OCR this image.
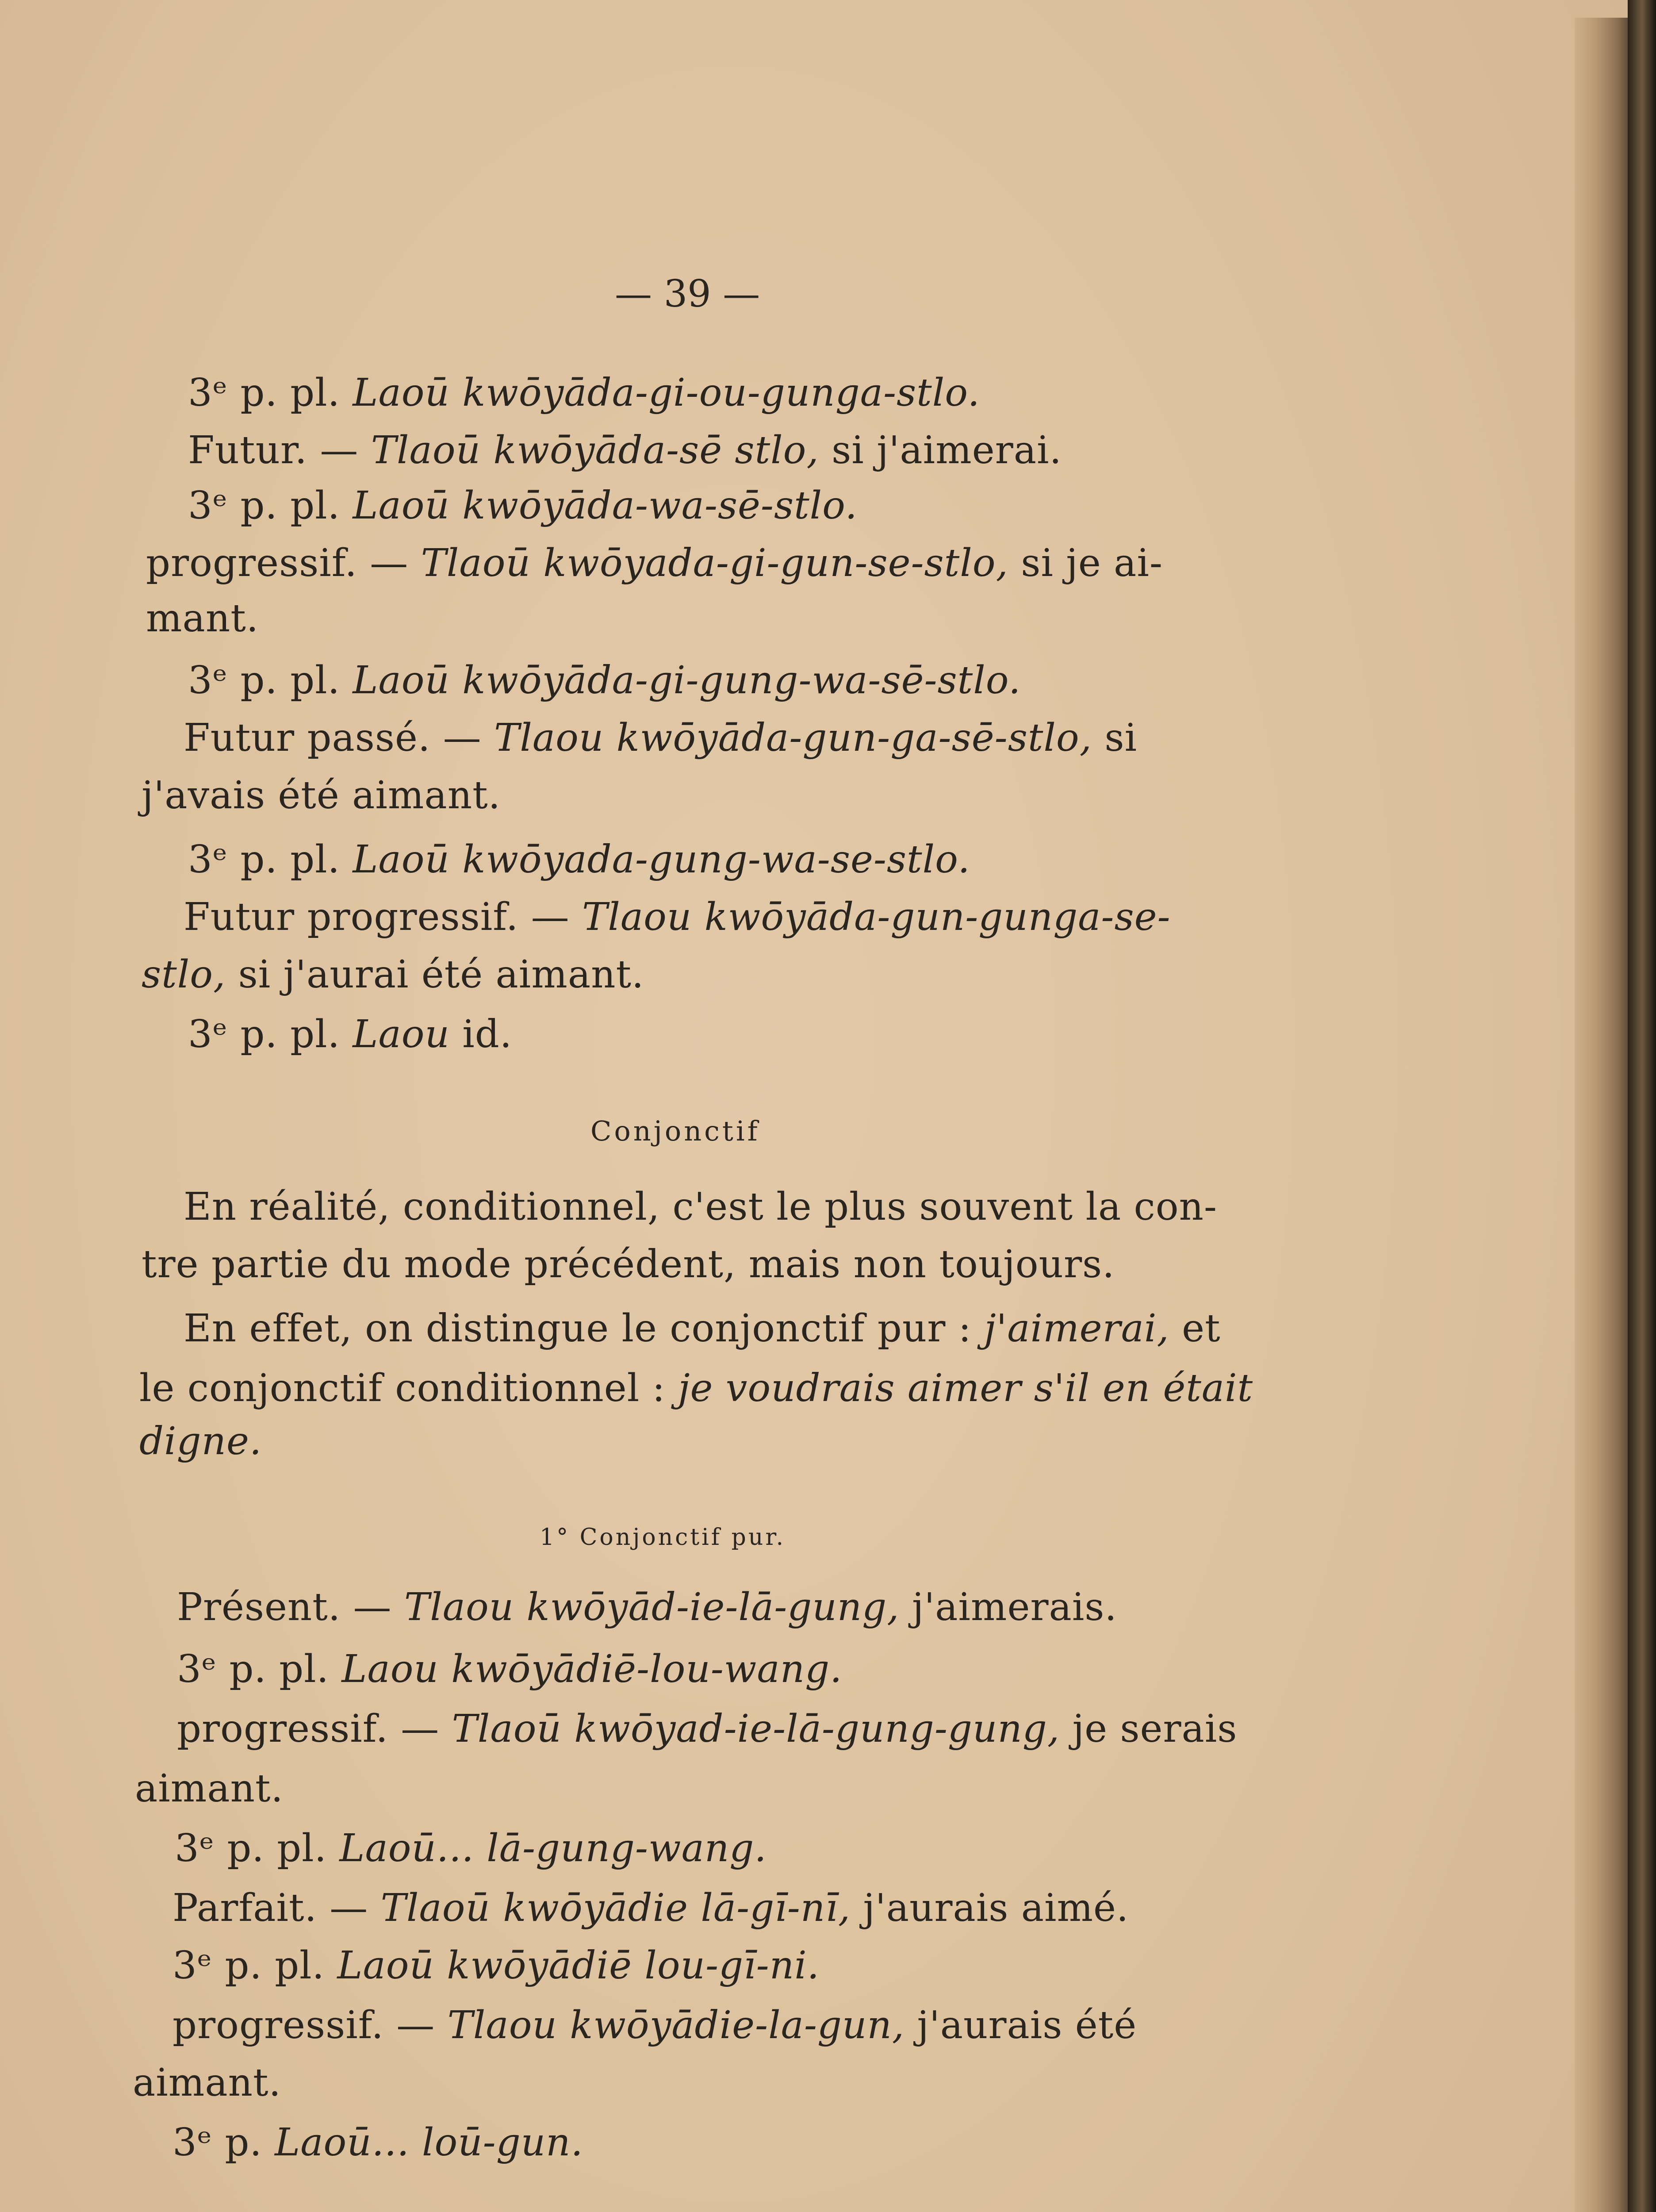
— 39 —
3ᵉ p. pl. Laoū kwōyāda-gi-ou-gunga-stlo.
Futur. — Tlaoū kwōyāda-sē stlo, si j'aimerai.
3ᵉ p. pl. Laoū kwōyāda-wa-sē-stlo.
progressif. — Tlaoū kwōyada-gi-gun-se-stlo, si je ai-
mant.
3ᵉ p. pl. Laoū kwōyāda-gi-gung-wa-sē-stlo.
Futur passé. — Tlaou kwōyāda-gun-ga-sē-stlo, si
j'avais été aimant.
3ᵉ p. pl. Laoū kwōyada-gung-wa-se-stlo.
Futur progressif. — Tlaou kwōyāda-gun-gunga-se-
stlo, si j'aurai été aimant.
3ᵉ p. pl. Laou id.
Conjonctif
En réalité, conditionnel, c'est le plus souvent la con-
tre partie du mode précédent, mais non toujours.
En effet, on distingue le conjonctif pur : j'aimerai, et
le conjonctif conditionnel : je voudrais aimer s'il en était
digne.
1° Conjonctif pur.
Présent. — Tlaou kwōyād-ie-lā-gung, j'aimerais.
3ᵉ p. pl. Laou kwōyādiē-lou-wang.
progressif. — Tlaoū kwōyad-ie-lā-gung-gung, je serais
aimant.
3ᵉ p. pl. Laoū... lā-gung-wang.
Parfait. — Tlaoū kwōyādie lā-gī-nī, j'aurais aimé.
3ᵉ p. pl. Laoū kwōyādiē lou-gī-ni.
progressif. — Tlaou kwōyādie-la-gun, j'aurais été
aimant.
3ᵉ p. Laoū... loū-gun.
